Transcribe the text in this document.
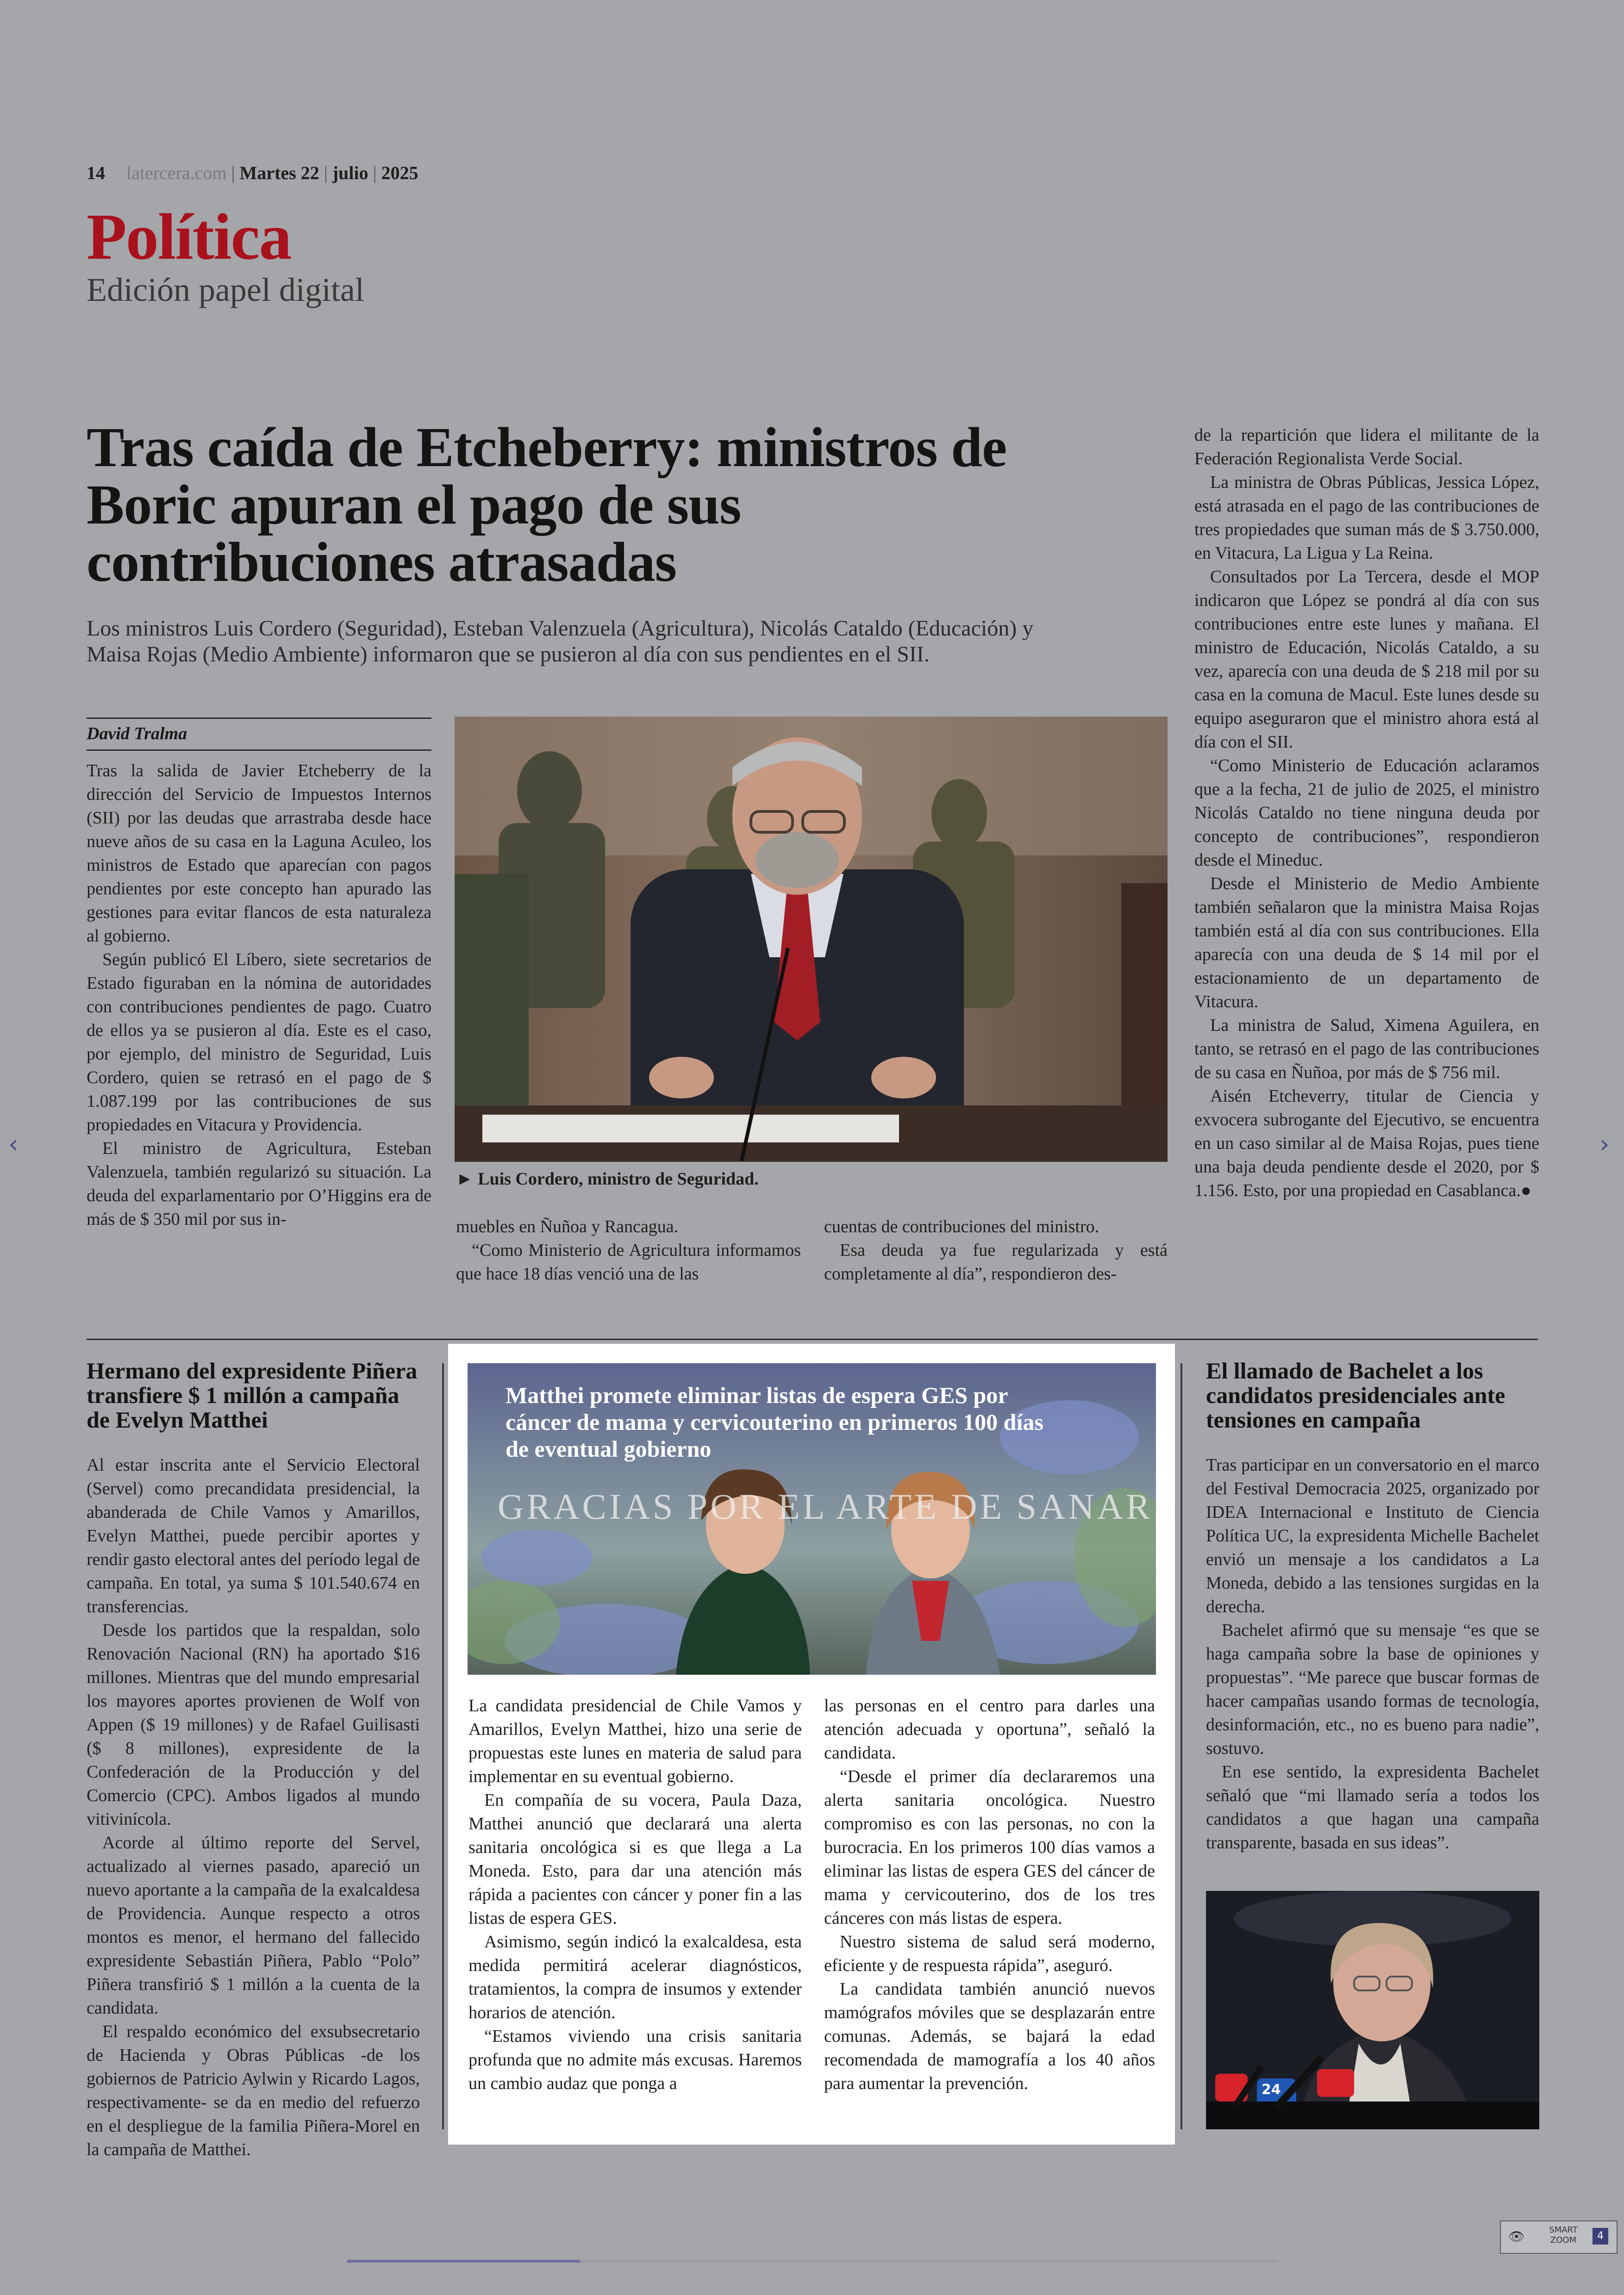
14 latercera.com | Martes 22 | julio | 2025
Política
Edición papel digital
Tras caída de Etcheberry: ministros de Boric apuran el pago de sus contribuciones atrasadas
Los ministros Luis Cordero (Seguridad), Esteban Valenzuela (Agricultura), Nicolás Cataldo (Educación) y Maisa Rojas (Medio Ambiente) informaron que se pusieron al día con sus pendientes en el SII.
David Tralma

Tras la salida de Javier Etcheberry de la dirección del Servicio de Impuestos Internos (SII) por las deudas que arrastraba desde hace nueve años de su casa en la Laguna Aculeo, los ministros de Estado que aparecían con pagos pendientes por este concepto han apurado las gestiones para evitar flancos de esta naturaleza al gobierno.

Según publicó El Líbero, siete secretarios de Estado figuraban en la nómina de autoridades con contribuciones pendientes de pago. Cuatro de ellos ya se pusieron al día. Este es el caso, por ejemplo, del ministro de Seguridad, Luis Cordero, quien se retrasó en el pago de $ 1.087.199 por las contribuciones de sus propiedades en Vitacura y Providencia.

El ministro de Agricultura, Esteban Valenzuela, también regularizó su situación. La deuda del exparlamentario por O’Higgins era de más de $ 350 mil por sus in-

► Luis Cordero, ministro de Seguridad.

muebles en Ñuñoa y Rancagua.

“Como Ministerio de Agricultura informamos que hace 18 días venció una de las

cuentas de contribuciones del ministro.

Esa deuda ya fue regularizada y está completamente al día”, respondieron des-

de la repartición que lidera el militante de la Federación Regionalista Verde Social.

La ministra de Obras Públicas, Jessica López, está atrasada en el pago de las contribuciones de tres propiedades que suman más de $ 3.750.000, en Vitacura, La Ligua y La Reina.

Consultados por La Tercera, desde el MOP indicaron que López se pondrá al día con sus contribuciones entre este lunes y mañana. El ministro de Educación, Nicolás Cataldo, a su vez, aparecía con una deuda de $ 218 mil por su casa en la comuna de Macul. Este lunes desde su equipo aseguraron que el ministro ahora está al día con el SII.

“Como Ministerio de Educación aclaramos que a la fecha, 21 de julio de 2025, el ministro Nicolás Cataldo no tiene ninguna deuda por concepto de contribuciones”, respondieron desde el Mineduc.

Desde el Ministerio de Medio Ambiente también señalaron que la ministra Maisa Rojas también está al día con sus contribuciones. Ella aparecía con una deuda de $ 14 mil por el estacionamiento de un departamento de Vitacura.

La ministra de Salud, Ximena Aguilera, en tanto, se retrasó en el pago de las contribuciones de su casa en Ñuñoa, por más de $ 756 mil.

Aisén Etcheverry, titular de Ciencia y exvocera subrogante del Ejecutivo, se encuentra en un caso similar al de Maisa Rojas, pues tiene una baja deuda pendiente desde el 2020, por $ 1.156. Esto, por una propiedad en Casablanca.●

Hermano del expresidente Piñera transfiere $ 1 millón a campaña de Evelyn Matthei

Al estar inscrita ante el Servicio Electoral (Servel) como precandidata presidencial, la abanderada de Chile Vamos y Amarillos, Evelyn Matthei, puede percibir aportes y rendir gasto electoral antes del período legal de campaña. En total, ya suma $ 101.540.674 en transferencias.

Desde los partidos que la respaldan, solo Renovación Nacional (RN) ha aportado $16 millones. Mientras que del mundo empresarial los mayores aportes provienen de Wolf von Appen ($ 19 millones) y de Rafael Guilisasti ($ 8 millones), expresidente de la Confederación de la Producción y del Comercio (CPC). Ambos ligados al mundo vitivinícola.

Acorde al último reporte del Servel, actualizado al viernes pasado, apareció un nuevo aportante a la campaña de la exalcaldesa de Providencia. Aunque respecto a otros montos es menor, el hermano del fallecido expresidente Sebastián Piñera, Pablo “Polo” Piñera transfirió $ 1 millón a la cuenta de la candidata.

El respaldo económico del exsubsecretario de Hacienda y Obras Públicas -de los gobiernos de Patricio Aylwin y Ricardo Lagos, respectivamente- se da en medio del refuerzo en el despliegue de la familia Piñera-Morel en la campaña de Matthei.

GRACIAS POR EL ARTE DE SANAR
Matthei promete eliminar listas de espera GES por cáncer de mama y cervicouterino en primeros 100 días de eventual gobierno

La candidata presidencial de Chile Vamos y Amarillos, Evelyn Matthei, hizo una serie de propuestas este lunes en materia de salud para implementar en su eventual gobierno.

En compañía de su vocera, Paula Daza, Matthei anunció que declarará una alerta sanitaria oncológica si es que llega a La Moneda. Esto, para dar una atención más rápida a pacientes con cáncer y poner fin a las listas de espera GES.

Asimismo, según indicó la exalcaldesa, esta medida permitirá acelerar diagnósticos, tratamientos, la compra de insumos y extender horarios de atención.

“Estamos viviendo una crisis sanitaria profunda que no admite más excusas. Haremos un cambio audaz que ponga a

las personas en el centro para darles una atención adecuada y oportuna”, señaló la candidata.

“Desde el primer día declararemos una alerta sanitaria oncológica. Nuestro compromiso es con las personas, no con la burocracia. En los primeros 100 días vamos a eliminar las listas de espera GES del cáncer de mama y cervicouterino, dos de los tres cánceres con más listas de espera.

Nuestro sistema de salud será moderno, eficiente y de respuesta rápida”, aseguró.

La candidata también anunció nuevos mamógrafos móviles que se desplazarán entre comunas. Además, se bajará la edad recomendada de mamografía a los 40 años para aumentar la prevención.

El llamado de Bachelet a los candidatos presidenciales ante tensiones en campaña

Tras participar en un conversatorio en el marco del Festival Democracia 2025, organizado por IDEA Internacional e Instituto de Ciencia Política UC, la expresidenta Michelle Bachelet envió un mensaje a los candidatos a La Moneda, debido a las tensiones surgidas en la derecha.

Bachelet afirmó que su mensaje “es que se haga campaña sobre la base de opiniones y propuestas”. “Me parece que buscar formas de hacer campañas usando formas de tecnología, desinformación, etc., no es bueno para nadie”, sostuvo.

En ese sentido, la expresidenta Bachelet señaló que “mi llamado sería a todos los candidatos a que hagan una campaña transparente, basada en sus ideas”.

24
‹	›
👁	SMART
ZOOM	4
